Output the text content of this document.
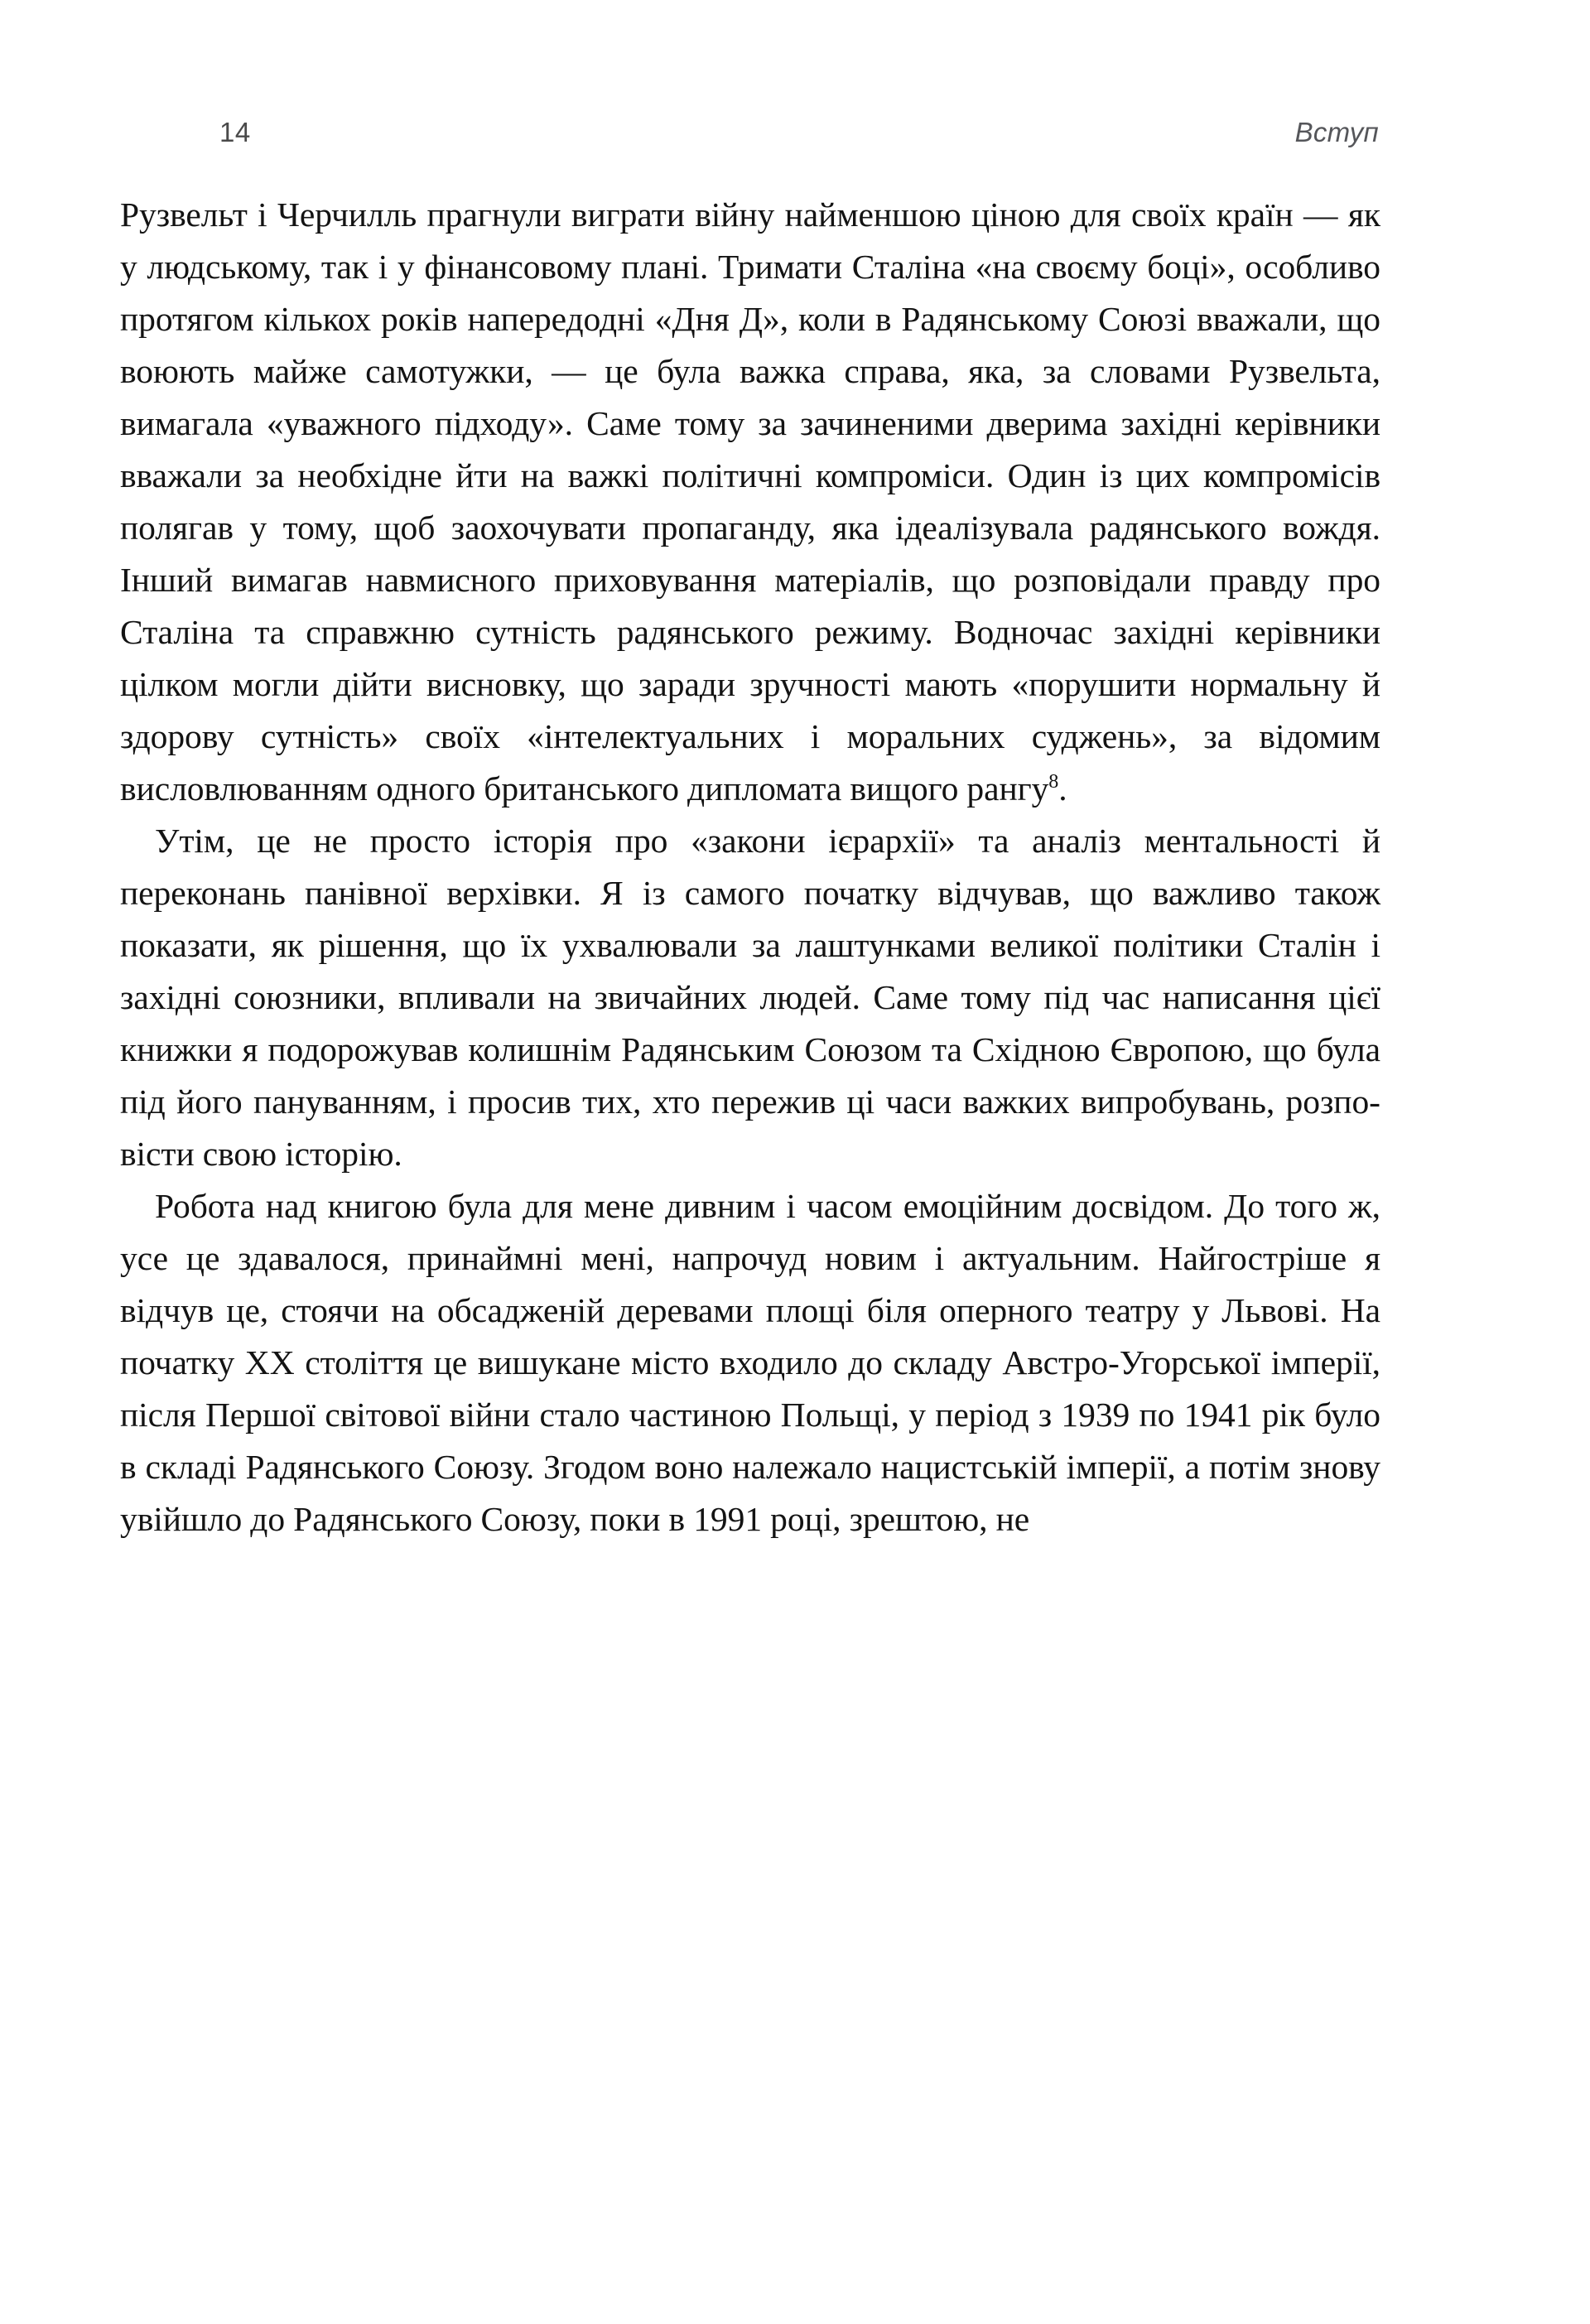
14	Вступ

Рузвельт і Черчилль прагнули виграти війну найменшою ціною для своїх країн — як у людському, так і у фінансовому плані. Тримати Сталіна «на своєму боці», особливо протягом кількох років напередодні «Дня Д», коли в Радянському Союзі вважали, що воюють майже самотужки, — це була важка справа, яка, за словами Рузвельта, вимагала «уважного підходу». Саме тому за зачиненими дверима західні керівники вважали за необхідне йти на важкі політичні компроміси. Один із цих компромісів полягав у тому, щоб заохочувати пропаганду, яка ідеалізувала радянського вождя. Інший вимагав навмисного приховування матеріалів, що розповідали правду про Сталіна та справжню сутність радянського режиму. Водночас західні керівники цілком могли дійти висновку, що заради зручності мають «порушити нормальну й здорову сутність» своїх «інтелектуальних і моральних суджень», за відомим висловлюванням одного британського дипломата вищого рангу$^8$.

Утім, це не просто історія про «закони ієрархії» та аналіз ментальності й переконань панівної верхівки. Я із самого початку відчував, що важливо також показати, як рішення, що їх ухвалювали за лаштунками великої політики Сталін і західні союзники, впливали на звичайних людей. Саме тому під час написання цієї книжки я подорожував колишнім Радянським Союзом та Східною Європою, що була під його пануванням, і просив тих, хто пережив ці часи важких випробувань, розповісти свою історію.

Робота над книгою була для мене дивним і часом емоційним досвідом. До того ж, усе це здавалося, принаймні мені, напрочуд новим і актуальним. Найгостріше я відчув це, стоячи на обсадженій деревами площі біля оперного театру у Львові. На початку ХХ століття це вишукане місто входило до складу Австро-Угорської імперії, після Першої світової війни стало частиною Польщі, у період з 1939 по 1941 рік було в складі Радянського Союзу. Згодом воно належало нацистській імперії, а потім знову увійшло до Радянського Союзу, поки в 1991 році, зрештою, не
